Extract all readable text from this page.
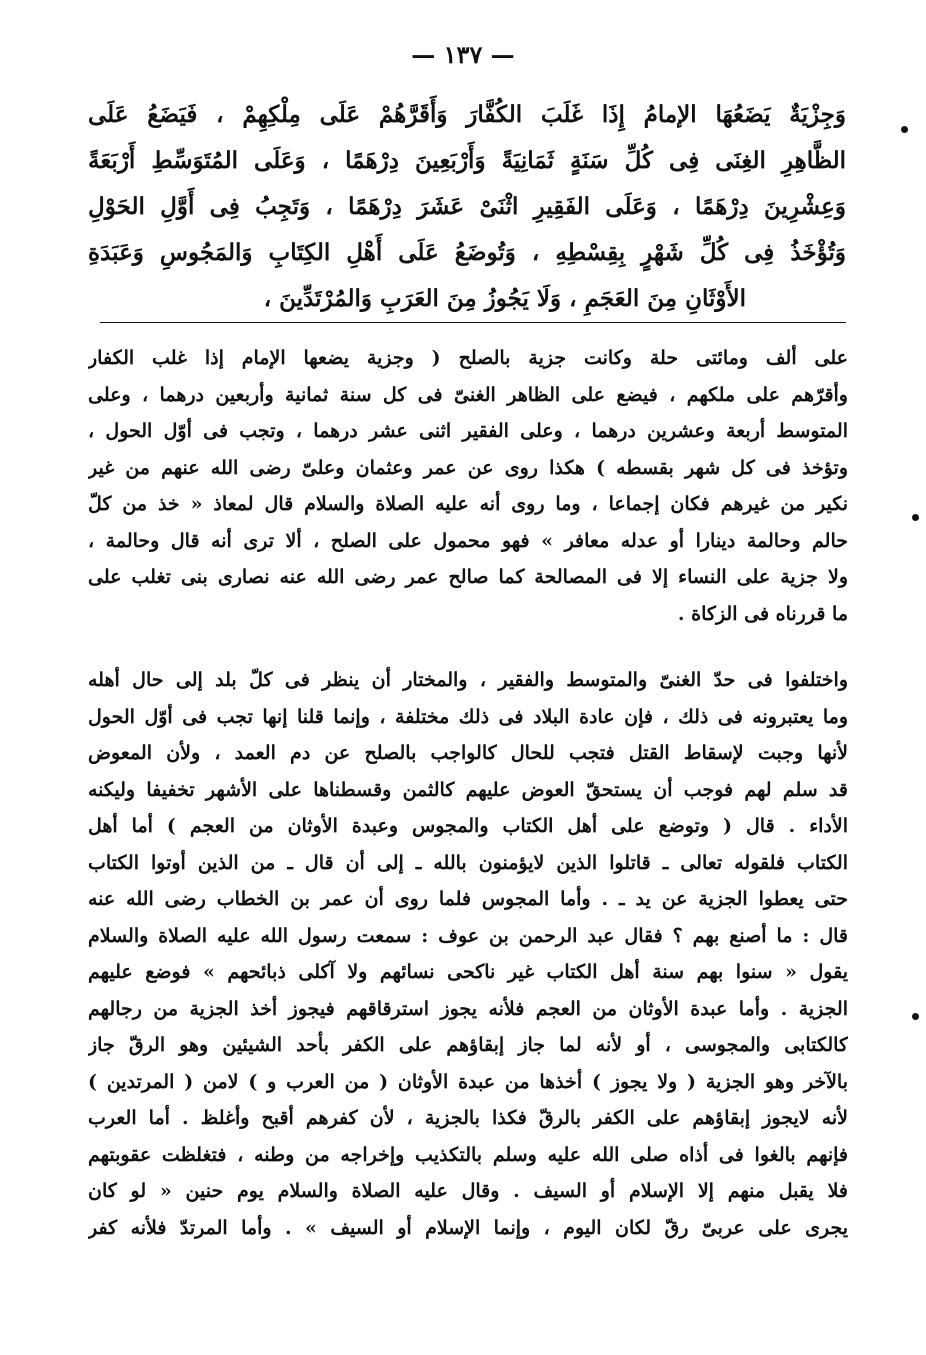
— ١٣٧ —
وَجِزْيَةٌ يَضَعُهَا الإمامُ إِذَا غَلَبَ الكُفَّارَ وَأَقَرَّهُمْ عَلَى مِلْكِهِمْ ، فَيَضَعُ عَلَى
الظَّاهِرِ الغِنَى فِى كُلِّ سَنَةٍ ثَمَانِيَةً وَأَرْبَعِينَ دِرْهَمًا ، وَعَلَى المُتَوَسِّطِ أَرْبَعَةً
وَعِشْرِينَ دِرْهَمًا ، وَعَلَى الفَقِيرِ اثْنَىْ عَشَرَ دِرْهَمًا ، وَتَجِبُ فِى أَوَّلِ الحَوْلِ
وَتُؤْخَذُ فِى كُلِّ شَهْرٍ بِقِسْطِهِ ، وَتُوضَعُ عَلَى أَهْلِ الكِتَابِ وَالمَجُوسِ وَعَبَدَةِ
الأَوْثَانِ مِنَ العَجَمِ ، وَلَا يَجُوزُ مِنَ العَرَبِ وَالمُرْتَدِّينَ ،
على ألف ومائتى حلة وكانت جزية بالصلح ( وجزية يضعها الإمام إذا غلب الكفار
وأقرّهم على ملكهم ، فيضع على الظاهر الغنىّ فى كل سنة ثمانية وأربعين درهما ، وعلى
المتوسط أربعة وعشرين درهما ، وعلى الفقير اثنى عشر درهما ، وتجب فى أوّل الحول ،
وتؤخذ فى كل شهر بقسطه ) هكذا روى عن عمر وعثمان وعلىّ رضى الله عنهم من غير
نكير من غيرهم فكان إجماعا ، وما روى أنه عليه الصلاة والسلام قال لمعاذ « خذ من كلّ
حالم وحالمة دينارا أو عدله معافر » فهو محمول على الصلح ، ألا ترى أنه قال وحالمة ،
ولا جزية على النساء إلا فى المصالحة كما صالح عمر رضى الله عنه نصارى بنى تغلب على
ما قررناه فى الزكاة .
واختلفوا فى حدّ الغنىّ والمتوسط والفقير ، والمختار أن ينظر فى كلّ بلد إلى حال أهله
وما يعتبرونه فى ذلك ، فإن عادة البلاد فى ذلك مختلفة ، وإنما قلنا إنها تجب فى أوّل الحول
لأنها وجبت لإسقاط القتل فتجب للحال كالواجب بالصلح عن دم العمد ، ولأن المعوض
قد سلم لهم فوجب أن يستحقّ العوض عليهم كالثمن وقسطناها على الأشهر تخفيفا وليكنه
الأداء . قال ( وتوضع على أهل الكتاب والمجوس وعبدة الأوثان من العجم ) أما أهل
الكتاب فلقوله تعالى ـ قاتلوا الذين لايؤمنون بالله ـ إلى أن قال ـ من الذين أوتوا الكتاب
حتى يعطوا الجزية عن يد ـ . وأما المجوس فلما روى أن عمر بن الخطاب رضى الله عنه
قال : ما أصنع بهم ؟ فقال عبد الرحمن بن عوف : سمعت رسول الله عليه الصلاة والسلام
يقول « سنوا بهم سنة أهل الكتاب غير ناكحى نسائهم ولا آكلى ذبائحهم » فوضع عليهم
الجزية . وأما عبدة الأوثان من العجم فلأنه يجوز استرقاقهم فيجوز أخذ الجزية من رجالهم
كالكتابى والمجوسى ، أو لأنه لما جاز إبقاؤهم على الكفر بأحد الشيئين وهو الرقّ جاز
بالآخر وهو الجزية ( ولا يجوز ) أخذها من عبدة الأوثان ( من العرب و ) لامن ( المرتدين )
لأنه لايجوز إبقاؤهم على الكفر بالرقّ فكذا بالجزية ، لأن كفرهم أقبح وأغلظ . أما العرب
فإنهم بالغوا فى أذاه صلى الله عليه وسلم بالتكذيب وإخراجه من وطنه ، فتغلظت عقوبتهم
فلا يقبل منهم إلا الإسلام أو السيف . وقال عليه الصلاة والسلام يوم حنين « لو كان
يجرى على عربىّ رقّ لكان اليوم ، وإنما الإسلام أو السيف » . وأما المرتدّ فلأنه كفر
